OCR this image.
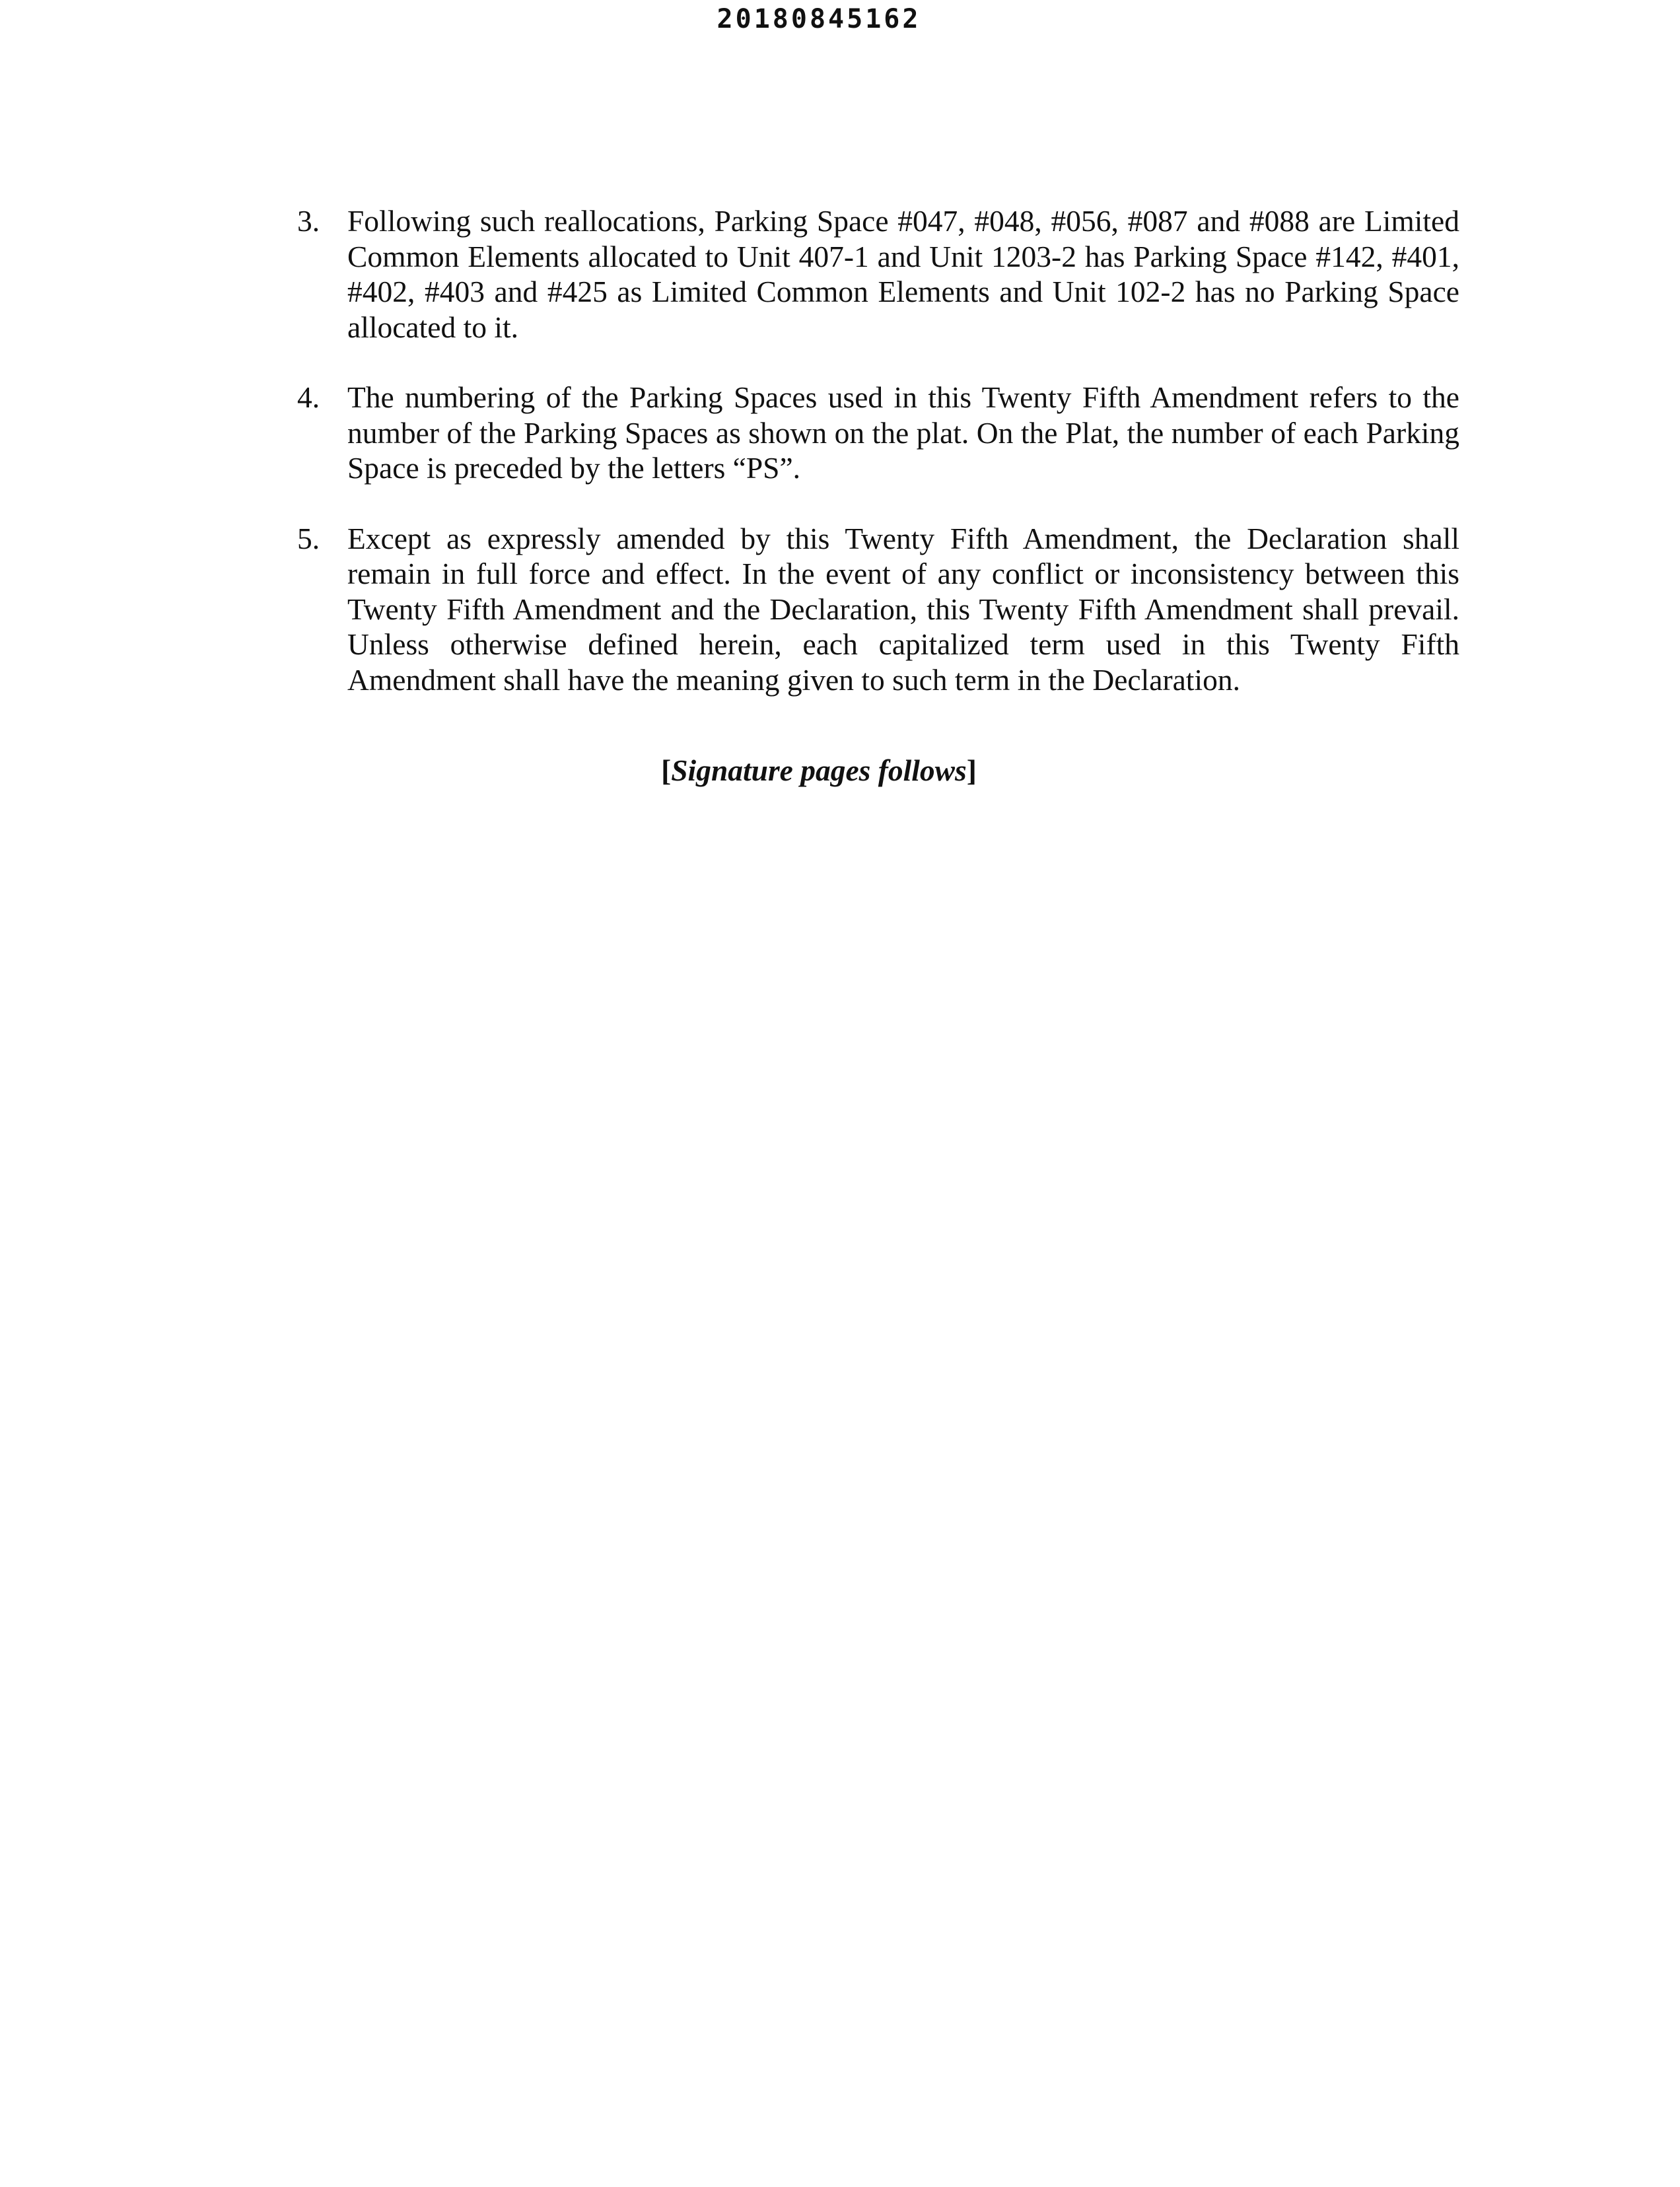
20180845162
3. Following such reallocations, Parking Space #047, #048, #056, #087 and #088 are Limited Common Elements allocated to Unit 407-1 and Unit 1203-2 has Parking Space #142, #401, #402, #403 and #425 as Limited Common Elements and Unit 102-2 has no Parking Space allocated to it.
4. The numbering of the Parking Spaces used in this Twenty Fifth Amendment refers to the number of the Parking Spaces as shown on the plat. On the Plat, the number of each Parking Space is preceded by the letters “PS”.
5. Except as expressly amended by this Twenty Fifth Amendment, the Declaration shall remain in full force and effect. In the event of any conflict or inconsistency between this Twenty Fifth Amendment and the Declaration, this Twenty Fifth Amendment shall prevail. Unless otherwise defined herein, each capitalized term used in this Twenty Fifth Amendment shall have the meaning given to such term in the Declaration.
[Signature pages follows]
